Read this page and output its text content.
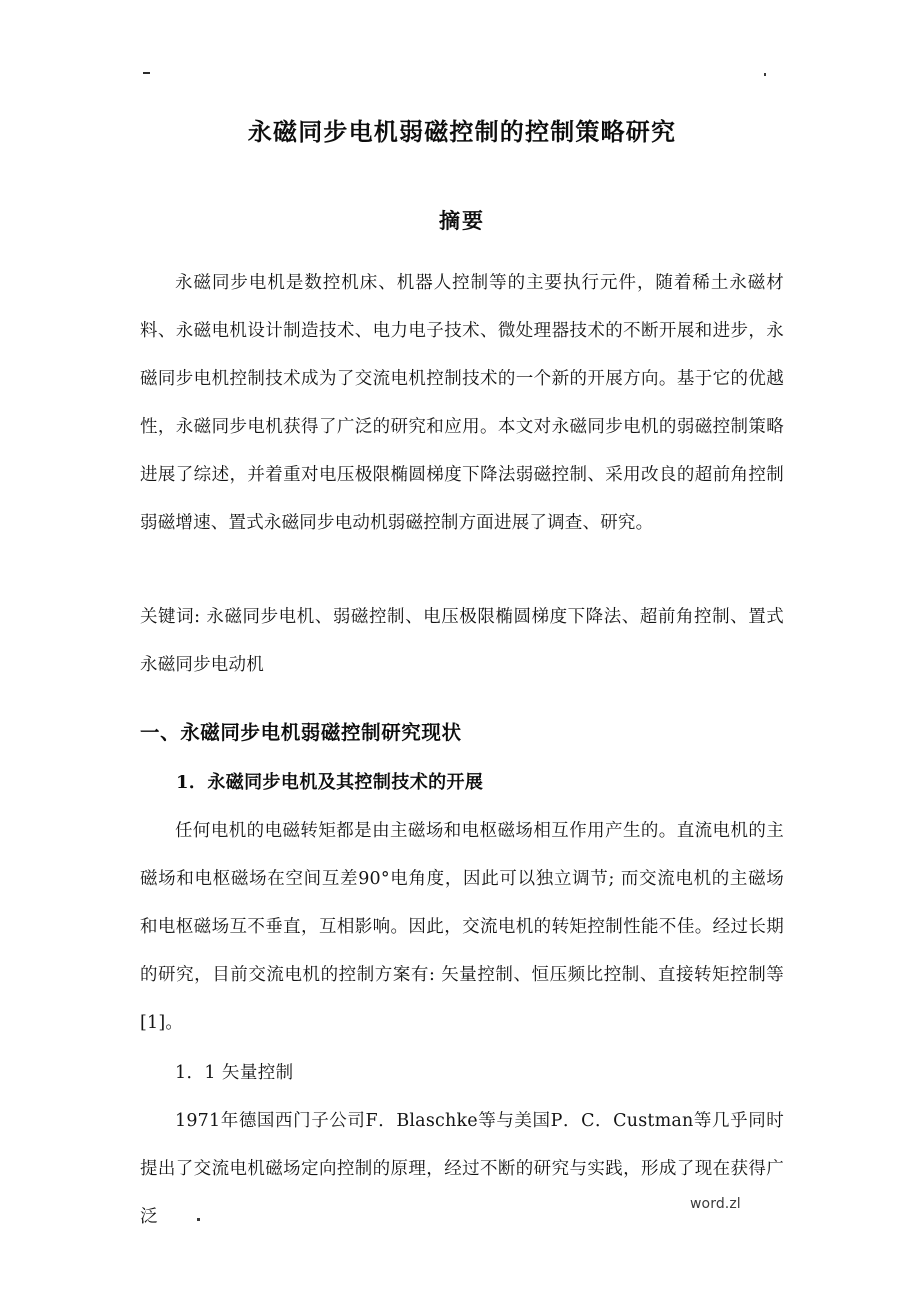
永磁同步电机弱磁控制的控制策略研究
摘要

永磁同步电机是数控机床、机器人控制等的主要执行元件，随着稀土永磁材料、永磁电机设计制造技术、电力电子技术、微处理器技术的不断开展和进步，永磁同步电机控制技术成为了交流电机控制技术的一个新的开展方向。基于它的优越性，永磁同步电机获得了广泛的研究和应用。本文对永磁同步电机的弱磁控制策略进展了综述，并着重对电压极限椭圆梯度下降法弱磁控制、采用改良的超前角控制弱磁增速、置式永磁同步电动机弱磁控制方面进展了调查、研究。

关键词: 永磁同步电机、弱磁控制、电压极限椭圆梯度下降法、超前角控制、置式永磁同步电动机

一、永磁同步电机弱磁控制研究现状
1．永磁同步电机及其控制技术的开展

任何电机的电磁转矩都是由主磁场和电枢磁场相互作用产生的。直流电机的主磁场和电枢磁场在空间互差90°电角度，因此可以独立调节; 而交流电机的主磁场和电枢磁场互不垂直，互相影响。因此，交流电机的转矩控制性能不佳。经过长期的研究，目前交流电机的控制方案有: 矢量控制、恒压频比控制、直接转矩控制等[1]。

1．1 矢量控制

1971年德国西门子公司F．Blaschke等与美国P．C．Custman等几乎同时提出了交流电机磁场定向控制的原理，经过不断的研究与实践，形成了现在获得广泛

word.zl
